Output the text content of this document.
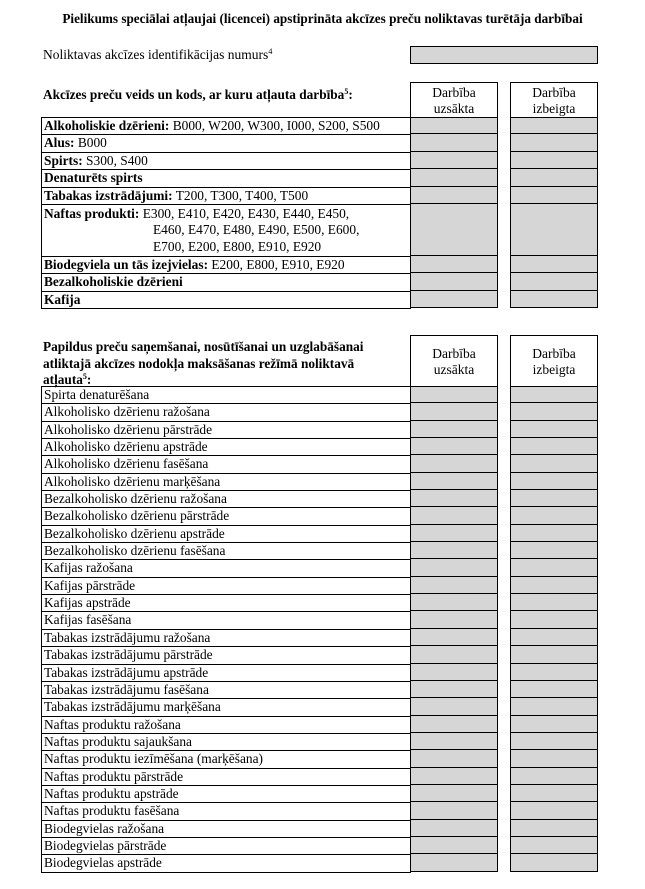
Pielikums speciālai atļaujai (licencei) apstiprināta akcīzes preču noliktavas turētāja darbībai
Noliktavas akcīzes identifikācijas numurs$^4$
Akcīzes preču veids un kods, ar kuru atļauta darbība$^5$:	Darbība uzsākta
Darbība izbeigta
Alkoholiskie dzērieni: B000, W200, W300, I000, S200, S500
Alus: B000
Spirts: S300, S400
Denaturēts spirts
Tabakas izstrādājumi: T200, T300, T400, T500
Naftas produkti: E300, E410, E420, E430, E440, E450,
E460, E470, E480, E490, E500, E600,
E700, E200, E800, E910, E920
Biodegviela un tās izejvielas: E200, E800, E910, E920
Bezalkoholiskie dzērieni
Kafija
Papildus preču saņemšanai, nosūtīšanai un uzglabāšanai
atliktajā akcīzes nodokļa maksāšanas režīmā noliktavā
atļauta$^5$:
Darbība uzsākta
Darbība izbeigta
Spirta denaturēšana
Alkoholisko dzērienu ražošana
Alkoholisko dzērienu pārstrāde
Alkoholisko dzērienu apstrāde
Alkoholisko dzērienu fasēšana
Alkoholisko dzērienu marķēšana
Bezalkoholisko dzērienu ražošana
Bezalkoholisko dzērienu pārstrāde
Bezalkoholisko dzērienu apstrāde
Bezalkoholisko dzērienu fasēšana
Kafijas ražošana
Kafijas pārstrāde
Kafijas apstrāde
Kafijas fasēšana
Tabakas izstrādājumu ražošana
Tabakas izstrādājumu pārstrāde
Tabakas izstrādājumu apstrāde
Tabakas izstrādājumu fasēšana
Tabakas izstrādājumu marķēšana
Naftas produktu ražošana
Naftas produktu sajaukšana
Naftas produktu iezīmēšana (marķēšana)
Naftas produktu pārstrāde
Naftas produktu apstrāde
Naftas produktu fasēšana
Biodegvielas ražošana
Biodegvielas pārstrāde
Biodegvielas apstrāde
